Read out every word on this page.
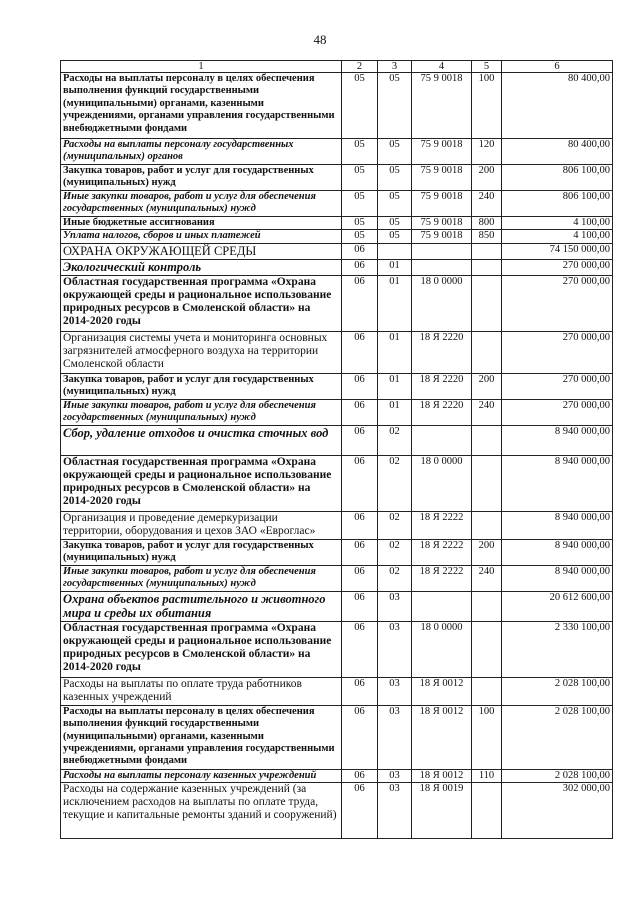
48
1	2	3	4	5	6
Расходы на выплаты персоналу в целях обеспечения выполнения функций государственными (муниципальными) органами, казенными учреждениями, органами управления государственными внебюджетными фондами	05	05	75 9 0018	100	80 400,00
Расходы на выплаты персоналу государственных (муниципальных) органов	05	05	75 9 0018	120	80 400,00
Закупка товаров, работ и услуг для государственных (муниципальных) нужд	05	05	75 9 0018	200	806 100,00
Иные закупки товаров, работ и услуг для обеспечения государственных (муниципальных) нужд	05	05	75 9 0018	240	806 100,00
Иные бюджетные ассигнования	05	05	75 9 0018	800	4 100,00
Уплата налогов, сборов и иных платежей	05	05	75 9 0018	850	4 100,00
ОХРАНА ОКРУЖАЮЩЕЙ СРЕДЫ	06				74 150 000,00
Экологический контроль	06	01			270 000,00
Областная государственная программа «Охрана окружающей среды и рациональное использование природных ресурсов в Смоленской области» на 2014-2020 годы	06	01	18 0 0000		270 000,00
Организация системы учета и мониторинга основных загрязнителей атмосферного воздуха на территории Смоленской области	06	01	18 Я 2220		270 000,00
Закупка товаров, работ и услуг для государственных (муниципальных) нужд	06	01	18 Я 2220	200	270 000,00
Иные закупки товаров, работ и услуг для обеспечения государственных (муниципальных) нужд	06	01	18 Я 2220	240	270 000,00
Сбор, удаление отходов и очистка сточных вод	06	02			8 940 000,00
Областная государственная программа «Охрана окружающей среды и рациональное использование природных ресурсов в Смоленской области» на 2014-2020 годы	06	02	18 0 0000		8 940 000,00
Организация и проведение демеркуризации территории, оборудования и цехов ЗАО «Евроглас»	06	02	18 Я 2222		8 940 000,00
Закупка товаров, работ и услуг для государственных (муниципальных) нужд	06	02	18 Я 2222	200	8 940 000,00
Иные закупки товаров, работ и услуг для обеспечения государственных (муниципальных) нужд	06	02	18 Я 2222	240	8 940 000,00
Охрана объектов растительного и животного мира и среды их обитания	06	03			20 612 600,00
Областная государственная программа «Охрана окружающей среды и рациональное использование природных ресурсов в Смоленской области» на 2014-2020 годы	06	03	18 0 0000		2 330 100,00
Расходы на выплаты по оплате труда работников казенных учреждений	06	03	18 Я 0012		2 028 100,00
Расходы на выплаты персоналу в целях обеспечения выполнения функций государственными (муниципальными) органами, казенными учреждениями, органами управления государственными внебюджетными фондами	06	03	18 Я 0012	100	2 028 100,00
Расходы на выплаты персоналу казенных учреждений	06	03	18 Я 0012	110	2 028 100,00
Расходы на содержание казенных учреждений (за исключением расходов на выплаты по оплате труда, текущие и капитальные ремонты зданий и сооружений)	06	03	18 Я 0019		302 000,00
